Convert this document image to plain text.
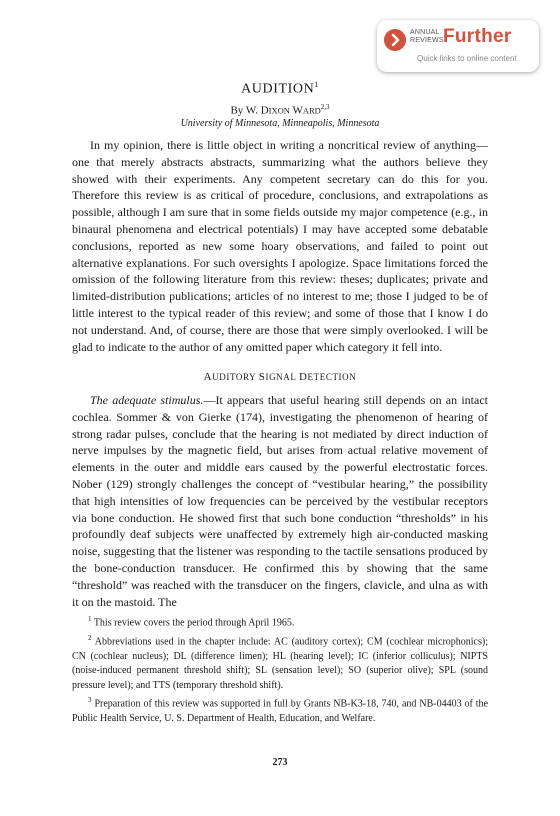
ANNUAL
REVIEWS Further
Quick links to online content
AUDITION$^1$
By W. DIXON WARD$^{2,3}$
University of Minnesota, Minneapolis, Minnesota

In my opinion, there is little object in writing a noncritical review of anything—one that merely abstracts abstracts, summarizing what the authors believe they showed with their experiments. Any competent secretary can do this for you. Therefore this review is as critical of procedure, conclusions, and extrapolations as possible, although I am sure that in some fields outside my major competence (e.g., in binaural phenomena and electrical potentials) I may have accepted some debatable conclusions, reported as new some hoary observations, and failed to point out alternative explanations. For such oversights I apologize. Space limitations forced the omission of the following literature from this review: theses; duplicates; private and limited-distribution publications; articles of no interest to me; those I judged to be of little interest to the typical reader of this review; and some of those that I know I do not understand. And, of course, there are those that were simply overlooked. I will be glad to indicate to the author of any omitted paper which category it fell into.

AUDITORY SIGNAL DETECTION

The adequate stimulus.—It appears that useful hearing still depends on an intact cochlea. Sommer & von Gierke (174), investigating the phenomenon of hearing of strong radar pulses, conclude that the hearing is not mediated by direct induction of nerve impulses by the magnetic field, but arises from actual relative movement of elements in the outer and middle ears caused by the powerful electrostatic forces. Nober (129) strongly challenges the concept of “vestibular hearing,” the possibility that high intensities of low frequencies can be perceived by the vestibular receptors via bone conduction. He showed first that such bone conduction “thresholds” in his profoundly deaf subjects were unaffected by extremely high air-conducted masking noise, suggesting that the listener was responding to the tactile sensations produced by the bone-conduction transducer. He confirmed this by showing that the same “threshold” was reached with the transducer on the fingers, clavicle, and ulna as with it on the mastoid. The

$^1$ This review covers the period through April 1965.

$^2$ Abbreviations used in the chapter include: AC (auditory cortex); CM (cochlear microphonics); CN (cochlear nucleus); DL (difference limen); HL (hearing level); IC (inferior colliculus); NIPTS (noise-induced permanent threshold shift); SL (sensation level); SO (superior olive); SPL (sound pressure level); and TTS (temporary threshold shift).

$^3$ Preparation of this review was supported in full by Grants NB-K3-18, 740, and NB-04403 of the Public Health Service, U. S. Department of Health, Education, and Welfare.

273
